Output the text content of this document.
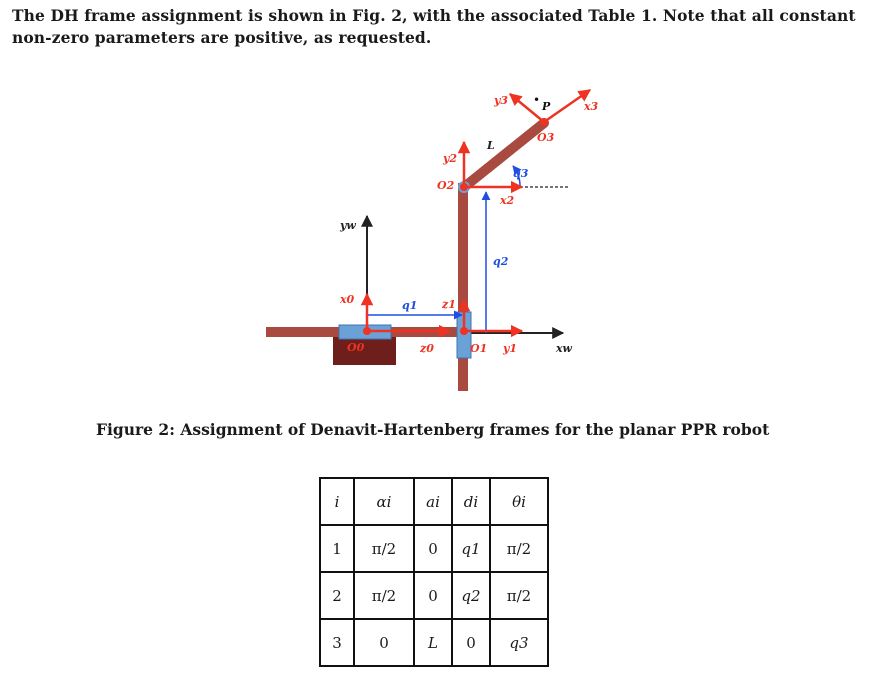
The DH frame assignment is shown in Fig. 2, with the associated Table 1. Note that all constant

non-zero parameters are positive, as requested.

•
yw
xw
x0
O0	z0
q1 z1
O1 y1
q2
O2
y2
x2
L
q3
y3	x3
O3
P
Figure 2: Assignment of Denavit-Hartenberg frames for the planar PPR robot
i	αi	ai	di	θi
1	π/2	0	q1	π/2
2	π/2	0	q2	π/2
3	0	L	0	q3
